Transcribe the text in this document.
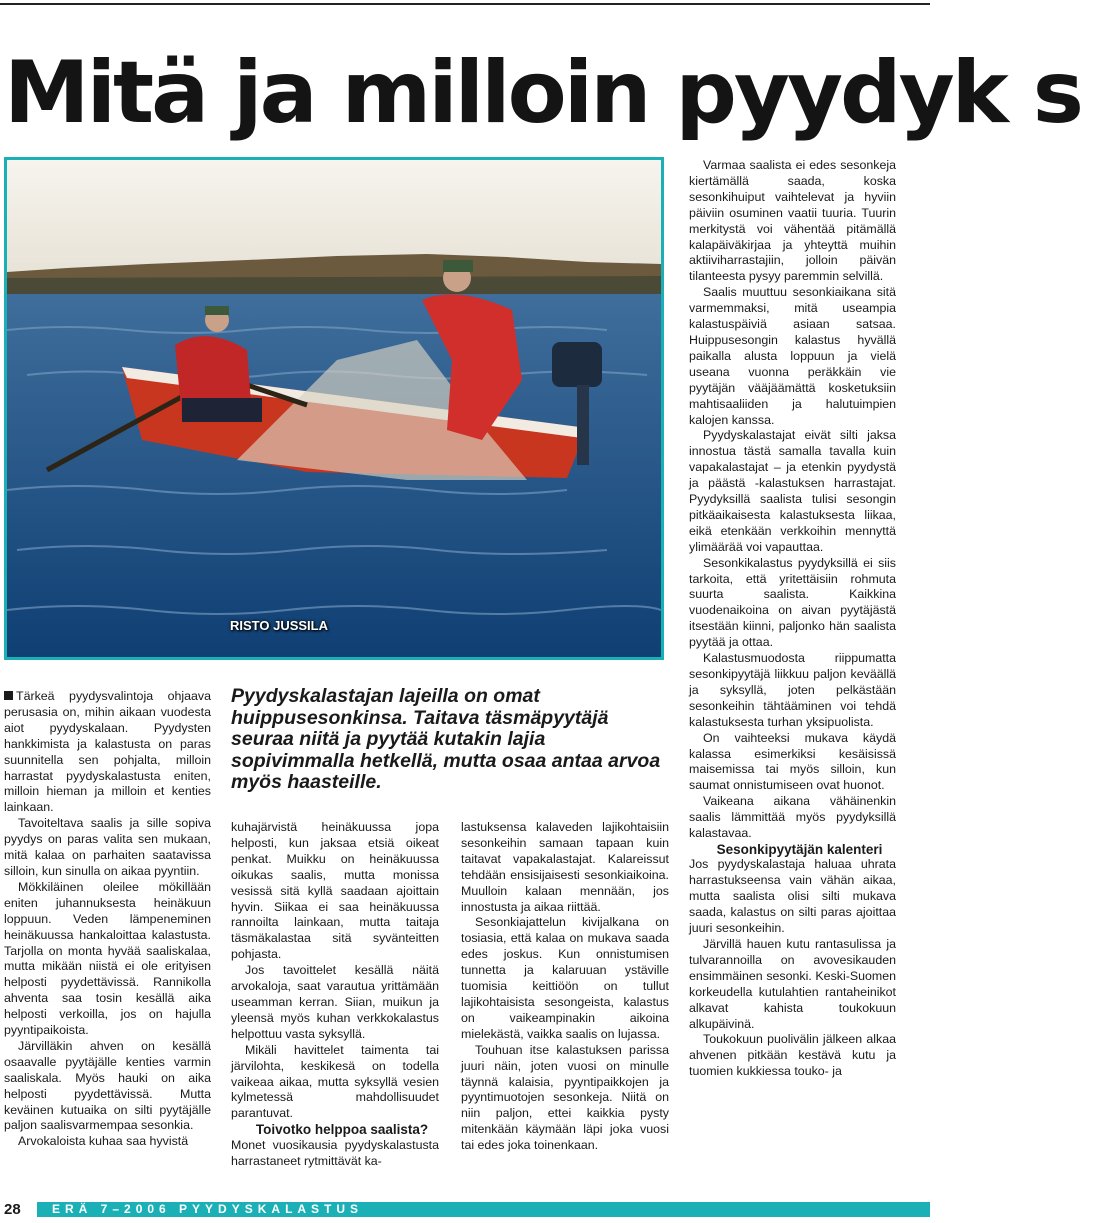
Mitä ja milloin pyydyk s
RISTO JUSSILA

Tärkeä pyydysvalintoja ohjaava perusasia on, mihin aikaan vuodesta aiot pyydyskalaan. Pyydysten hankkimista ja kalastusta on paras suunnitella sen pohjalta, milloin harrastat pyydyskalastusta eniten, milloin hieman ja milloin et kenties lainkaan.

Tavoiteltava saalis ja sille sopiva pyydys on paras valita sen mukaan, mitä kalaa on parhaiten saatavissa silloin, kun sinulla on aikaa pyyntiin.

Mökkiläinen oleilee mökillään eniten juhannuksesta heinäkuun loppuun. Veden lämpeneminen heinäkuussa hankaloittaa kalastusta. Tarjolla on monta hyvää saaliskalaa, mutta mikään niistä ei ole erityisen helposti pyydettävissä. Rannikolla ahventa saa tosin kesällä aika helposti verkoilla, jos on hajulla pyyntipaikoista.

Järvilläkin ahven on kesällä osaavalle pyytäjälle kenties varmin saaliskala. Myös hauki on aika helposti pyydettävissä. Mutta keväinen kutuaika on silti pyytäjälle paljon saalisvarmempaa sesonkia.

Arvokaloista kuhaa saa hyvistä

Pyydyskalastajan lajeilla on omat huippusesonkinsa. Taitava täsmäpyytäjä seuraa niitä ja pyytää kutakin lajia sopivimmalla hetkellä, mutta osaa antaa arvoa myös haasteille.

kuhajärvistä heinäkuussa jopa helposti, kun jaksaa etsiä oikeat penkat. Muikku on heinäkuussa oikukas saalis, mutta monissa vesissä sitä kyllä saadaan ajoittain hyvin. Siikaa ei saa heinäkuussa rannoilta lainkaan, mutta taitaja täsmäkalastaa sitä syvänteitten pohjasta.

Jos tavoittelet kesällä näitä arvokaloja, saat varautua yrittämään useamman kerran. Siian, muikun ja yleensä myös kuhan verkkokalastus helpottuu vasta syksyllä.

Mikäli havittelet taimenta tai järvilohta, keskikesä on todella vaikeaa aikaa, mutta syksyllä vesien kylmetessä mahdollisuudet parantuvat.

Toivotko helppoa saalista?

Monet vuosikausia pyydyskalastusta harrastaneet rytmittävät ka-

lastuksensa kalaveden lajikohtaisiin sesonkeihin samaan tapaan kuin taitavat vapakalastajat. Kalareissut tehdään ensisijaisesti sesonkiaikoina. Muulloin kalaan mennään, jos innostusta ja aikaa riittää.

Sesonkiajattelun kivijalkana on tosiasia, että kalaa on mukava saada edes joskus. Kun onnistumisen tunnetta ja kalaruuan ystäville tuomisia keittiöön on tullut lajikohtaisista sesongeista, kalastus on vaikeampinakin aikoina mielekästä, vaikka saalis on lujassa.

Touhuan itse kalastuksen parissa juuri näin, joten vuosi on minulle täynnä kalaisia, pyyntipaikkojen ja pyyntimuotojen sesonkeja. Niitä on niin paljon, ettei kaikkia pysty mitenkään käymään läpi joka vuosi tai edes joka toinenkaan.

Varmaa saalista ei edes sesonkeja kiertämällä saada, koska sesonkihuiput vaihtelevat ja hyviin päiviin osuminen vaatii tuuria. Tuurin merkitystä voi vähentää pitämällä kalapäiväkirjaa ja yhteyttä muihin aktiiviharrastajiin, jolloin päivän tilanteesta pysyy paremmin selvillä.

Saalis muuttuu sesonkiaikana sitä varmemmaksi, mitä useampia kalastuspäiviä asiaan satsaa. Huippusesongin kalastus hyvällä paikalla alusta loppuun ja vielä useana vuonna peräkkäin vie pyytäjän vääjäämättä kosketuksiin mahtisaaliiden ja halutuimpien kalojen kanssa.

Pyydyskalastajat eivät silti jaksa innostua tästä samalla tavalla kuin vapakalastajat – ja etenkin pyydystä ja päästä -kalastuksen harrastajat. Pyydyksillä saalista tulisi sesongin pitkäaikaisesta kalastuksesta liikaa, eikä etenkään verkkoihin mennyttä ylimäärää voi vapauttaa.

Sesonkikalastus pyydyksillä ei siis tarkoita, että yritettäisiin rohmuta suurta saalista. Kaikkina vuodenaikoina on aivan pyytäjästä itsestään kiinni, paljonko hän saalista pyytää ja ottaa.

Kalastusmuodosta riippumatta sesonkipyytäjä liikkuu paljon keväällä ja syksyllä, joten pelkästään sesonkeihin tähtääminen voi tehdä kalastuksesta turhan yksipuolista.

On vaihteeksi mukava käydä kalassa esimerkiksi kesäisissä maisemissa tai myös silloin, kun saumat onnistumiseen ovat huonot.

Vaikeana aikana vähäinenkin saalis lämmittää myös pyydyksillä kalastavaa.

Sesonkipyytäjän kalenteri

Jos pyydyskalastaja haluaa uhrata harrastukseensa vain vähän aikaa, mutta saalista olisi silti mukava saada, kalastus on silti paras ajoittaa juuri sesonkeihin.

Järvillä hauen kutu rantasulissa ja tulvarannoilla on avovesikauden ensimmäinen sesonki. Keski-Suomen korkeudella kutulahtien rantaheinikot alkavat kahista toukokuun alkupäivinä.

Toukokuun puolivälin jälkeen alkaa ahvenen pitkään kestävä kutu ja tuomien kukkiessa touko- ja

28	ERÄ 7–2006 PYYDYSKALASTUS
